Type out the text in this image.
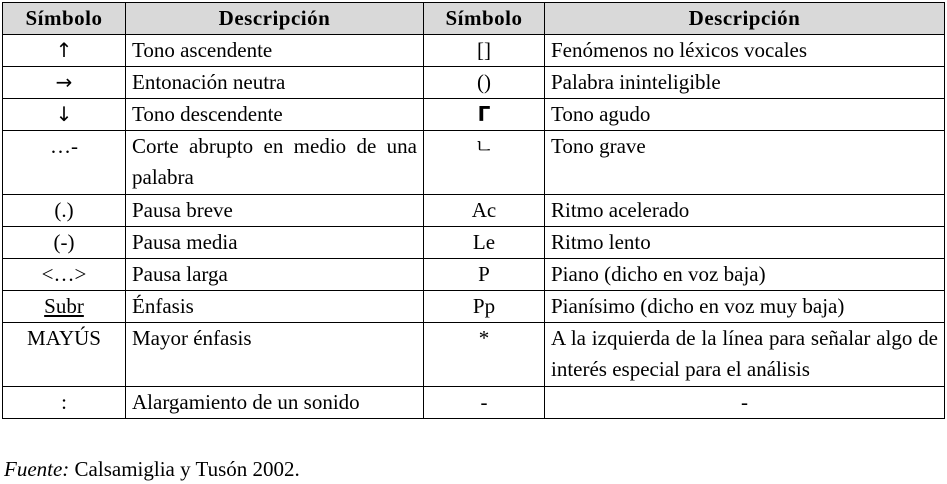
Símbolo	Descripción	Símbolo	Descripción
↑	Tono ascendente	[]	Fenómenos no léxicos vocales
→	Entonación neutra	()	Palabra ininteligible
↓	Tono descendente	Γ	Tono agudo
…-	Corte abrupto en medio de una palabra	ㄴ	Tono grave
(.)	Pausa breve	Ac	Ritmo acelerado
(-)	Pausa media	Le	Ritmo lento
<…>	Pausa larga	P	Piano (dicho en voz baja)
Subr	Énfasis	Pp	Pianísimo (dicho en voz muy baja)
MAYÚS	Mayor énfasis	*	A la izquierda de la línea para señalar algo de interés especial para el análisis
:	Alargamiento de un sonido	-	-
Fuente: Calsamiglia y Tusón 2002.
